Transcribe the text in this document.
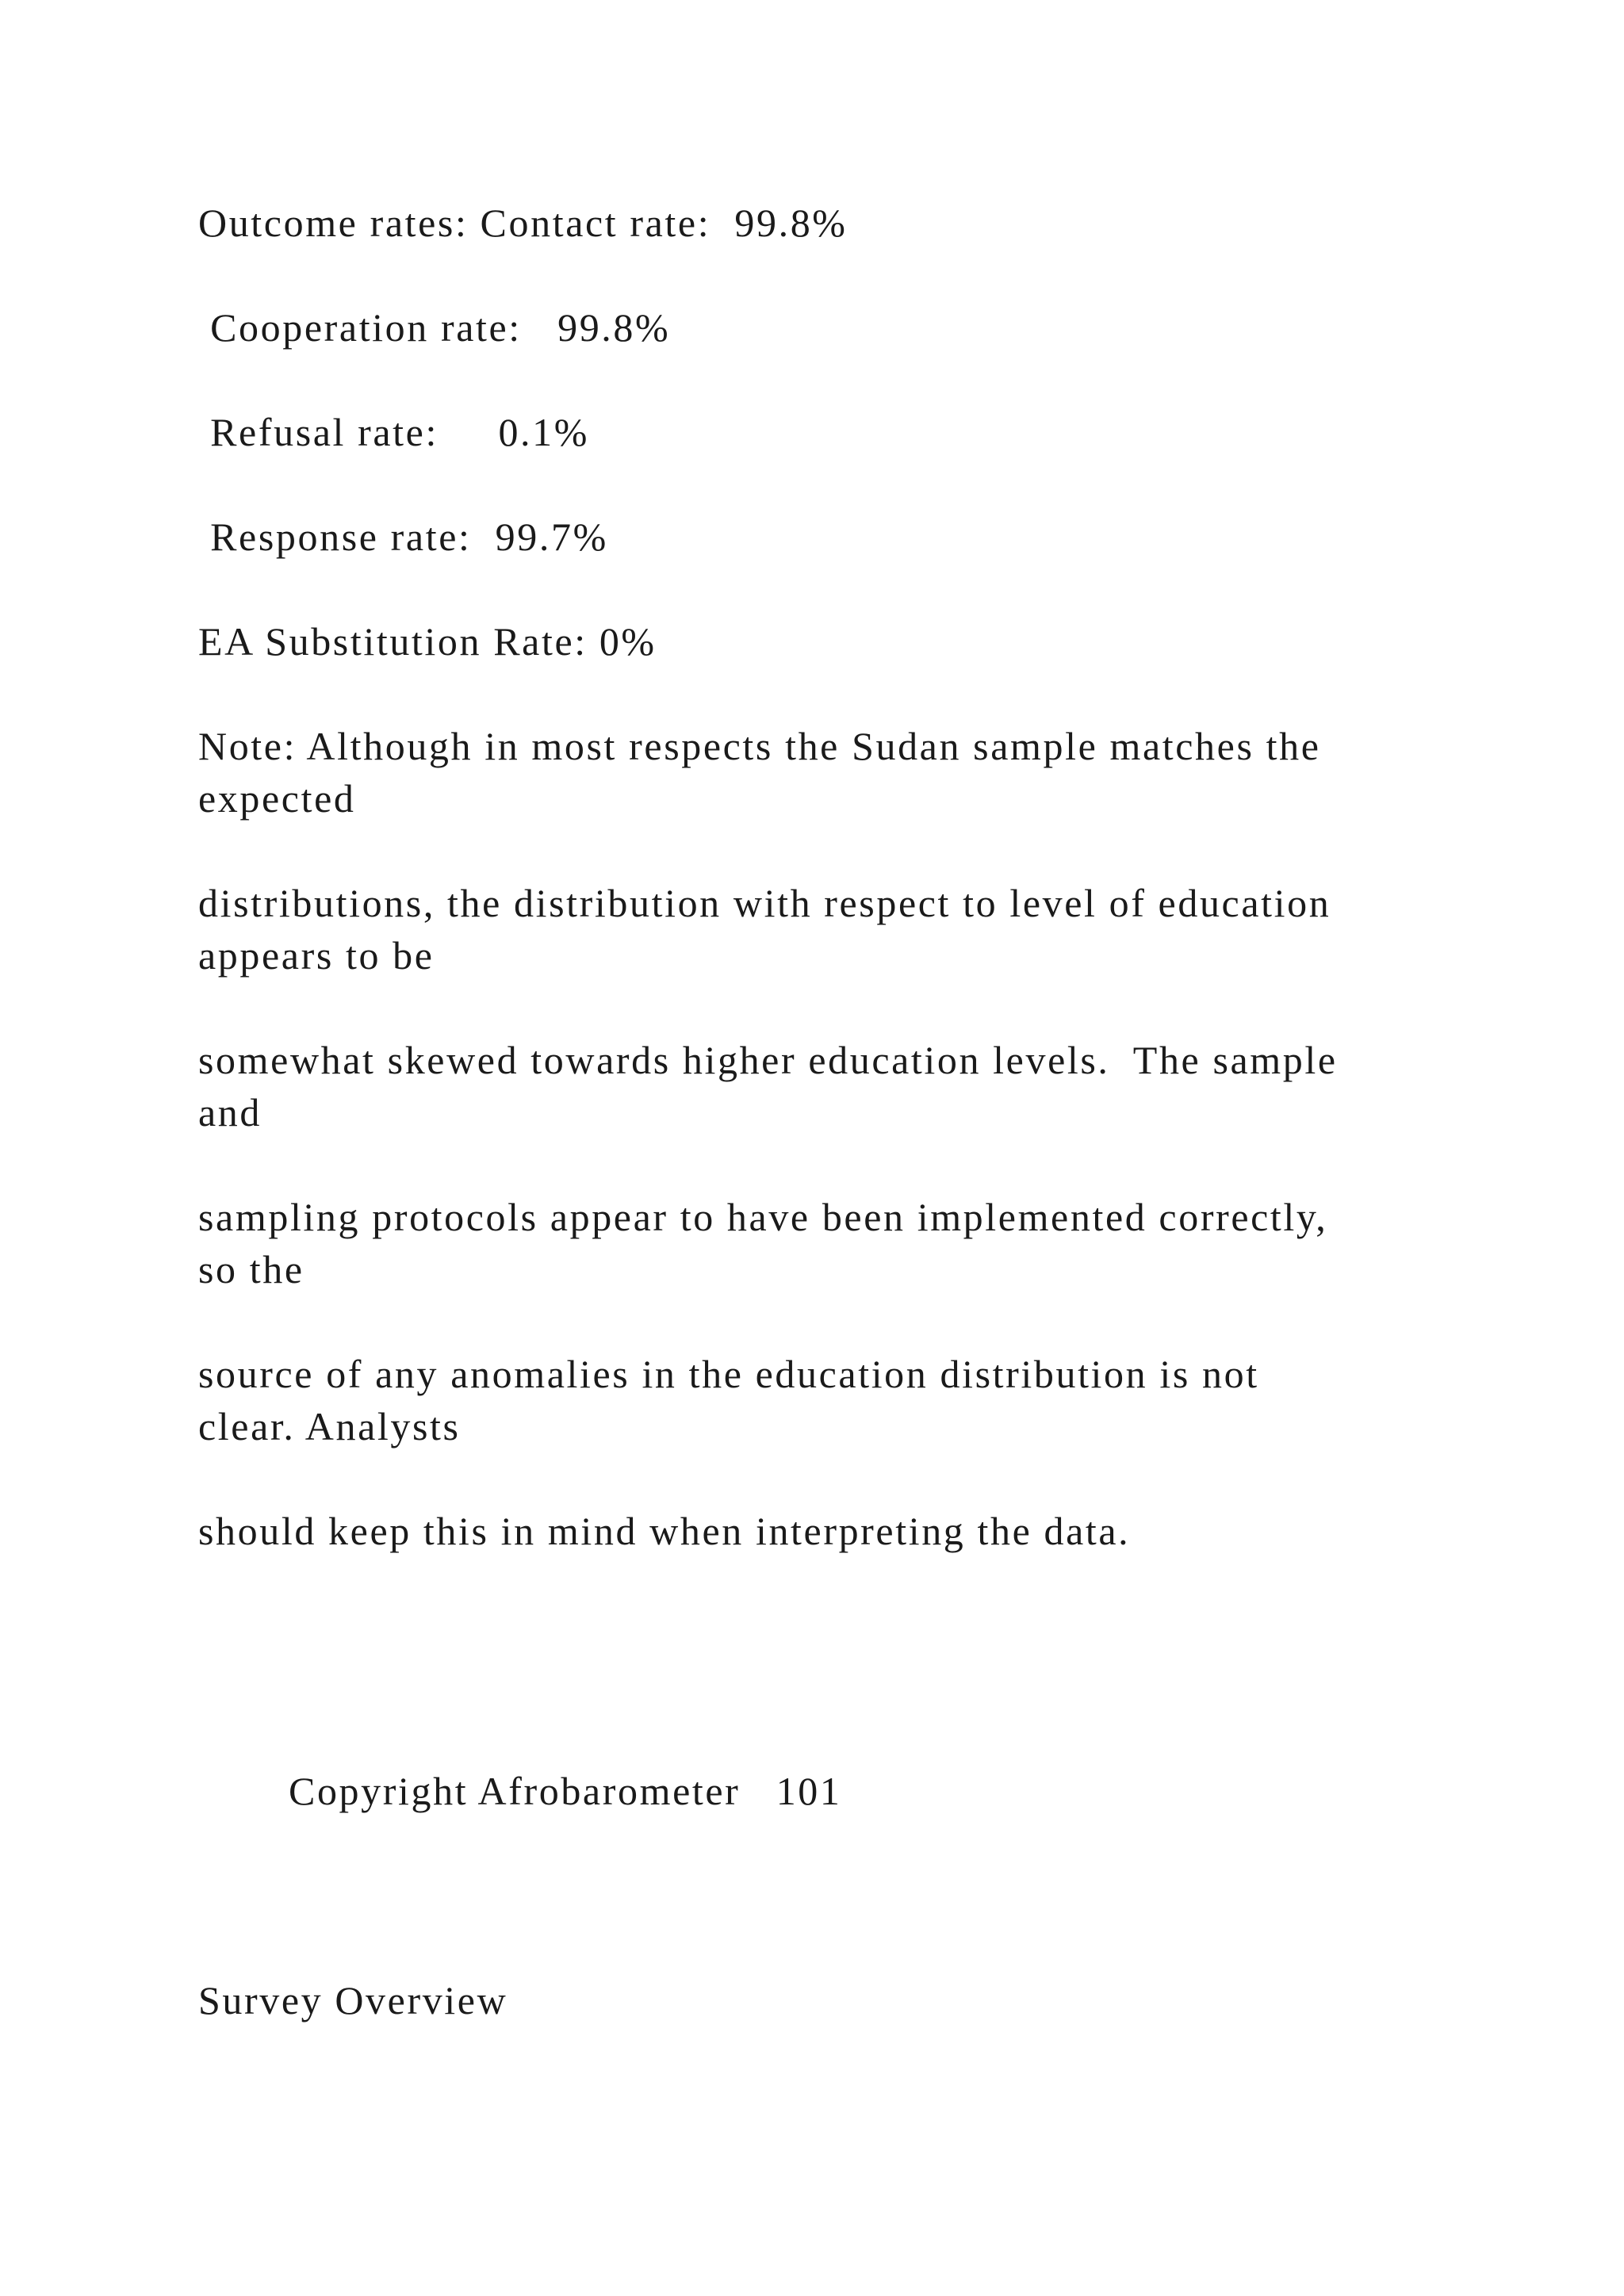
Outcome rates: Contact rate:  99.8%
Cooperation rate:   99.8%
Refusal rate:     0.1%
Response rate:  99.7%
EA Substitution Rate: 0%
Note: Although in most respects the Sudan sample matches the
expected
distributions, the distribution with respect to level of education
appears to be
somewhat skewed towards higher education levels.  The sample
and
sampling protocols appear to have been implemented correctly,
so the
source of any anomalies in the education distribution is not
clear. Analysts
should keep this in mind when interpreting the data.
Copyright Afrobarometer   101
Survey Overview
